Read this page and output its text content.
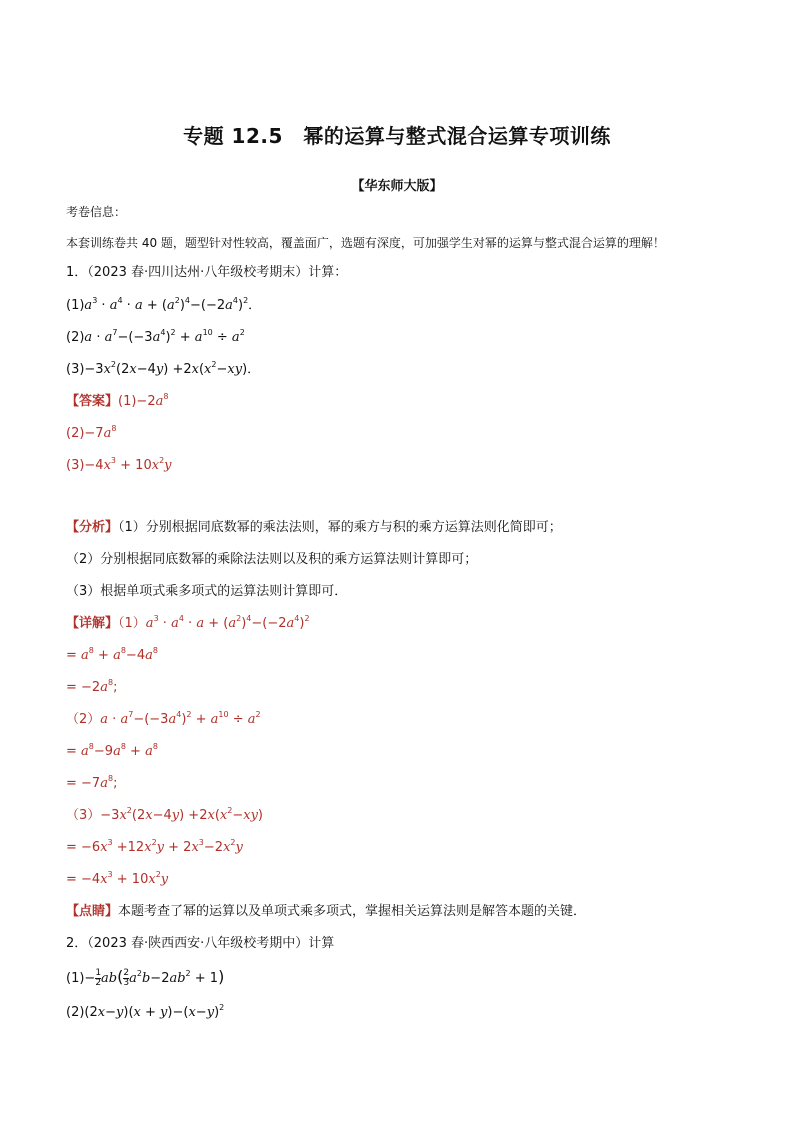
专题 12.5　幂的运算与整式混合运算专项训练
【华东师大版】
考卷信息：
本套训练卷共 40 题，题型针对性较高，覆盖面广，选题有深度，可加强学生对幂的运算与整式混合运算的理解！
1．（2023 春·四川达州·八年级校考期末）计算：
$(1)a^3 \cdot a^4 \cdot a + (a^2)^4-(-2a^4)^2$．
$(2)a \cdot a^7-(-3a^4)^2 + a^{10} \div a^2$
$(3)-3x^2(2x-4y) +2x(x^2-xy)$．
【答案】$(1)-2a^8$
$(2)-7a^8$
$(3)-4x^3 + 10x^2y$
【分析】（1）分别根据同底数幂的乘法法则，幂的乘方与积的乘方运算法则化简即可；
（2）分别根据同底数幂的乘除法法则以及积的乘方运算法则计算即可；
（3）根据单项式乘多项式的运算法则计算即可．
【详解】$(1)a^3 \cdot a^4 \cdot a + (a^2)^4-(-2a^4)^2$
= $a^8 + a^8-4a^8$
= $-2a^8$;
$(2)a \cdot a^7-(-3a^4)^2 + a^{10} \div a^2$
= $a^8-9a^8 + a^8$
= $-7a^8$;
$(3)-3x^2(2x-4y) +2x(x^2-xy)$
= $-6x^3 +12x^2y + 2x^3-2x^2y$
= $-4x^3 + 10x^2y$
【点睛】本题考查了幂的运算以及单项式乘多项式，掌握相关运算法则是解答本题的关键．
2．（2023 春·陕西西安·八年级校考期中）计算
$(1)- \frac{1}{2} ab( \frac{2}{3} a^2b-2ab^2 + 1)$
$(2)(2x-y)(x + y)-(x-y)^2$
